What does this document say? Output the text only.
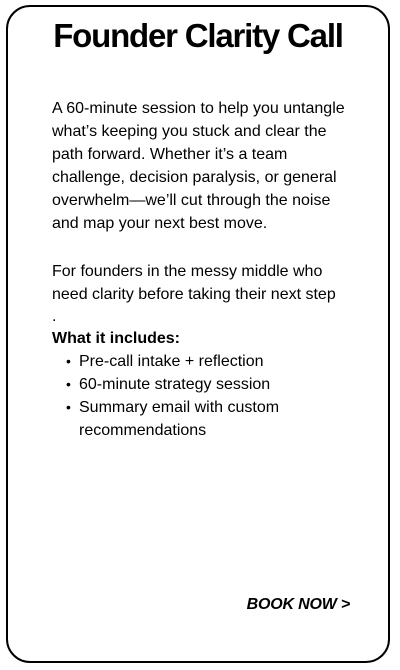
Founder Clarity Call

A 60-minute session to help you untangle what’s keeping you stuck and clear the path forward. Whether it’s a team challenge, decision paralysis, or general overwhelm—we’ll cut through the noise and map your next best move.

For founders in the messy middle who need clarity before taking their next step

.

What it includes:

• Pre-call intake + reflection
• 60-minute strategy session
• Summary email with custom recommendations
BOOK NOW >
